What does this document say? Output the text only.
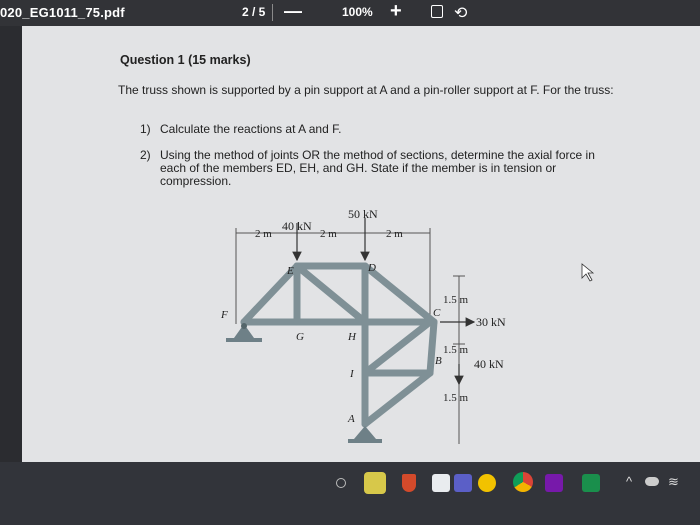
020_EG1011_75.pdf	2 / 5 —	100% +	⟲
Question 1 (15 marks)
The truss shown is supported by a pin support at A and a pin-roller support at F. For the truss:
1) Calculate the reactions at A and F.
2) Using the method of joints OR the method of sections, determine the axial force in each of the members ED, EH, and GH. State if the member is in tension or compression.
50 kN
40 kN
30 kN
40 kN
2 m	2 m	2 m
1.5 m
1.5 m
1.5 m
F
E	D
G	H
C
B
I
A
^	≋
